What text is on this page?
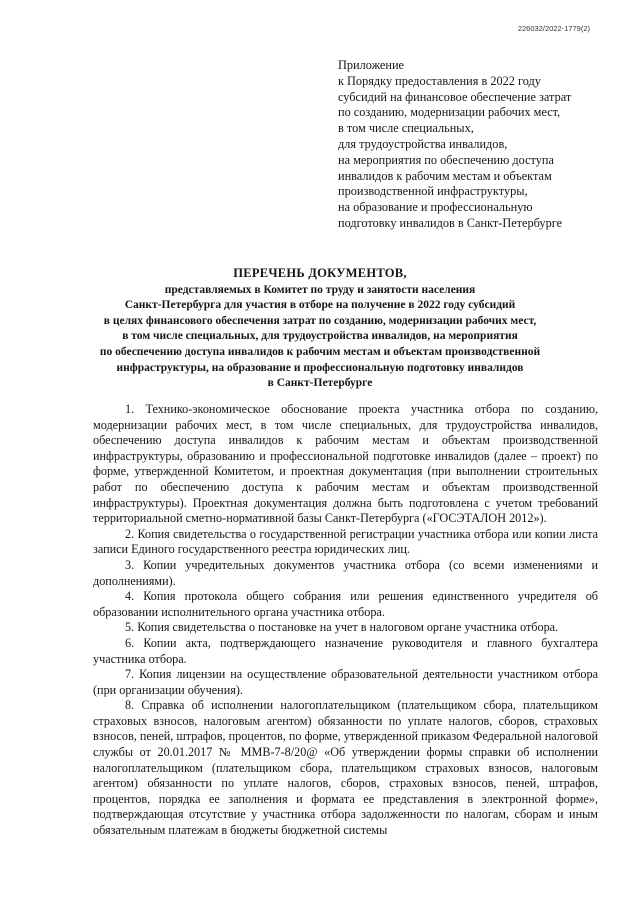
226032/2022-1779(2)
Приложение
к Порядку предоставления в 2022 году
субсидий на финансовое обеспечение затрат
по созданию, модернизации рабочих мест,
в том числе специальных,
для трудоустройства инвалидов,
на мероприятия по обеспечению доступа
инвалидов к рабочим местам и объектам
производственной инфраструктуры,
на образование и профессиональную
подготовку инвалидов в Санкт-Петербурге
ПЕРЕЧЕНЬ ДОКУМЕНТОВ,
представляемых в Комитет по труду и занятости населения
Санкт-Петербурга для участия в отборе на получение в 2022 году субсидий
в целях финансового обеспечения затрат по созданию, модернизации рабочих мест,
в том числе специальных, для трудоустройства инвалидов, на мероприятия
по обеспечению доступа инвалидов к рабочим местам и объектам производственной
инфраструктуры, на образование и профессиональную подготовку инвалидов
в Санкт-Петербурге

1. Технико-экономическое обоснование проекта участника отбора по созданию, модернизации рабочих мест, в том числе специальных, для трудоустройства инвалидов, обеспечению доступа инвалидов к рабочим местам и объектам производственной инфраструктуры, образованию и профессиональной подготовке инвалидов (далее – проект) по форме, утвержденной Комитетом, и проектная документация (при выполнении строительных работ по обеспечению доступа к рабочим местам и объектам производственной инфраструктуры). Проектная документация должна быть подготовлена с учетом требований территориальной сметно-нормативной базы Санкт-Петербурга («ГОСЭТАЛОН 2012»).

2. Копия свидетельства о государственной регистрации участника отбора или копии листа записи Единого государственного реестра юридических лиц.

3. Копии учредительных документов участника отбора (со всеми изменениями и дополнениями).

4. Копия протокола общего собрания или решения единственного учредителя об образовании исполнительного органа участника отбора.

5. Копия свидетельства о постановке на учет в налоговом органе участника отбора.

6. Копии акта, подтверждающего назначение руководителя и главного бухгалтера участника отбора.

7. Копия лицензии на осуществление образовательной деятельности участником отбора (при организации обучения).

8. Справка об исполнении налогоплательщиком (плательщиком сбора, плательщиком страховых взносов, налоговым агентом) обязанности по уплате налогов, сборов, страховых взносов, пеней, штрафов, процентов, по форме, утвержденной приказом Федеральной налоговой службы от 20.01.2017 № ММВ-7-8/20@ «Об утверждении формы справки об исполнении налогоплательщиком (плательщиком сбора, плательщиком страховых взносов, налоговым агентом) обязанности по уплате налогов, сборов, страховых взносов, пеней, штрафов, процентов, порядка ее заполнения и формата ее представления в электронной форме», подтверждающая отсутствие у участника отбора задолженности по налогам, сборам и иным обязательным платежам в бюджеты бюджетной системы
